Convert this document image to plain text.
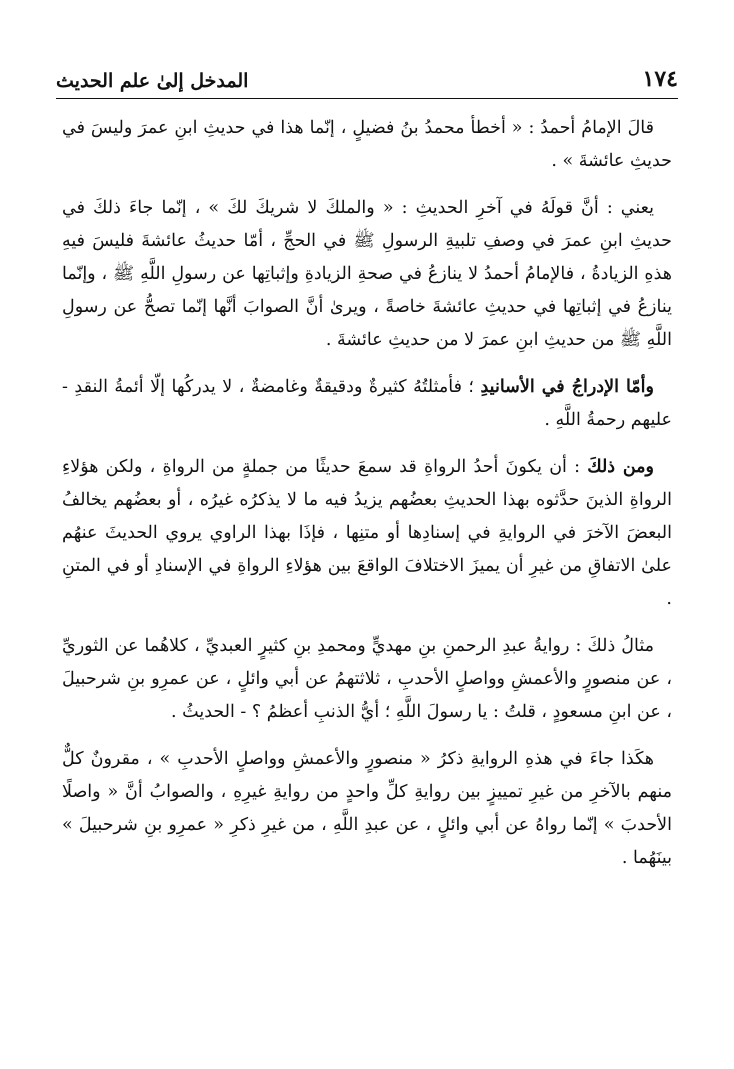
١٧٤
المدخل إلىٰ علم الحديث

قالَ الإمامُ أحمدُ : « أخطأ محمدُ بنُ فضيلٍ ، إنّما هذا في حديثِ ابنِ عمرَ وليسَ في حديثِ عائشةَ » .

يعني : أنَّ قولَهُ في آخرِ الحديثِ : « والملكَ لا شريكَ لكَ » ، إنّما جاءَ ذلكَ في حديثِ ابنِ عمرَ في وصفِ تلبيةِ الرسولِ ﷺ في الحجِّ ، أمّا حديثُ عائشةَ فليسَ فيهِ هذهِ الزيادةُ ، فالإمامُ أحمدُ لا ينازعُ في صحةِ الزيادةِ وإثباتِها عن رسولِ اللَّهِ ﷺ ، وإنّما ينازعُ في إثباتِها في حديثِ عائشةَ خاصةً ، ويرىٰ أنَّ الصوابَ أنَّها إنّما تصحُّ عن رسولِ اللَّهِ ﷺ من حديثِ ابنِ عمرَ لا من حديثِ عائشةَ .

وأمّا الإدراجُ في الأسانيدِ ؛ فأمثلتُهُ كثيرةٌ ودقيقةٌ وغامضةٌ ، لا يدركُها إلّا أئمةُ النقدِ - عليهم رحمةُ اللَّهِ .

ومن ذلكَ : أن يكونَ أحدُ الرواةِ قد سمعَ حديثًا من جملةٍ من الرواةِ ، ولكن هؤلاءِ الرواةِ الذينَ حدَّثوه بهذا الحديثِ بعضُهم يزيدُ فيه ما لا يذكرُه غيرُه ، أو بعضُهم يخالفُ البعضَ الآخرَ في الروايةِ في إسنادِها أو متنِها ، فإذَا بهذا الراوي يروي الحديثَ عنهُم علىٰ الاتفاقِ من غيرِ أن يميزَ الاختلافَ الواقعَ بين هؤلاءِ الرواةِ في الإسنادِ أو في المتنِ .

مثالُ ذلكَ : روايةُ عبدِ الرحمنِ بنِ مهديٍّ ومحمدِ بنِ كثيرٍ العبديِّ ، كلاهُما عن الثوريِّ ، عن منصورٍ والأعمشِ وواصلٍ الأحدبِ ، ثلاثتهمُ عن أبي وائلٍ ، عن عمرِو بنِ شرحبيلَ ، عن ابنِ مسعودٍ ، قلتُ : يا رسولَ اللَّهِ ؛ أيُّ الذنبِ أعظمُ ؟ - الحديثُ .

هكَذا جاءَ في هذهِ الروايةِ ذكرُ « منصورٍ والأعمشِ وواصلٍ الأحدبِ » ، مقرونٌ كلٌّ منهم بالآخرِ من غيرِ تمييزٍ بين روايةِ كلِّ واحدٍ من روايةِ غيرِهِ ، والصوابُ أنَّ « واصلًا الأحدبَ » إنّما رواهُ عن أبي وائلٍ ، عن عبدِ اللَّهِ ، من غيرِ ذكرِ « عمرِو بنِ شرحبيلَ » بينَهُما .
